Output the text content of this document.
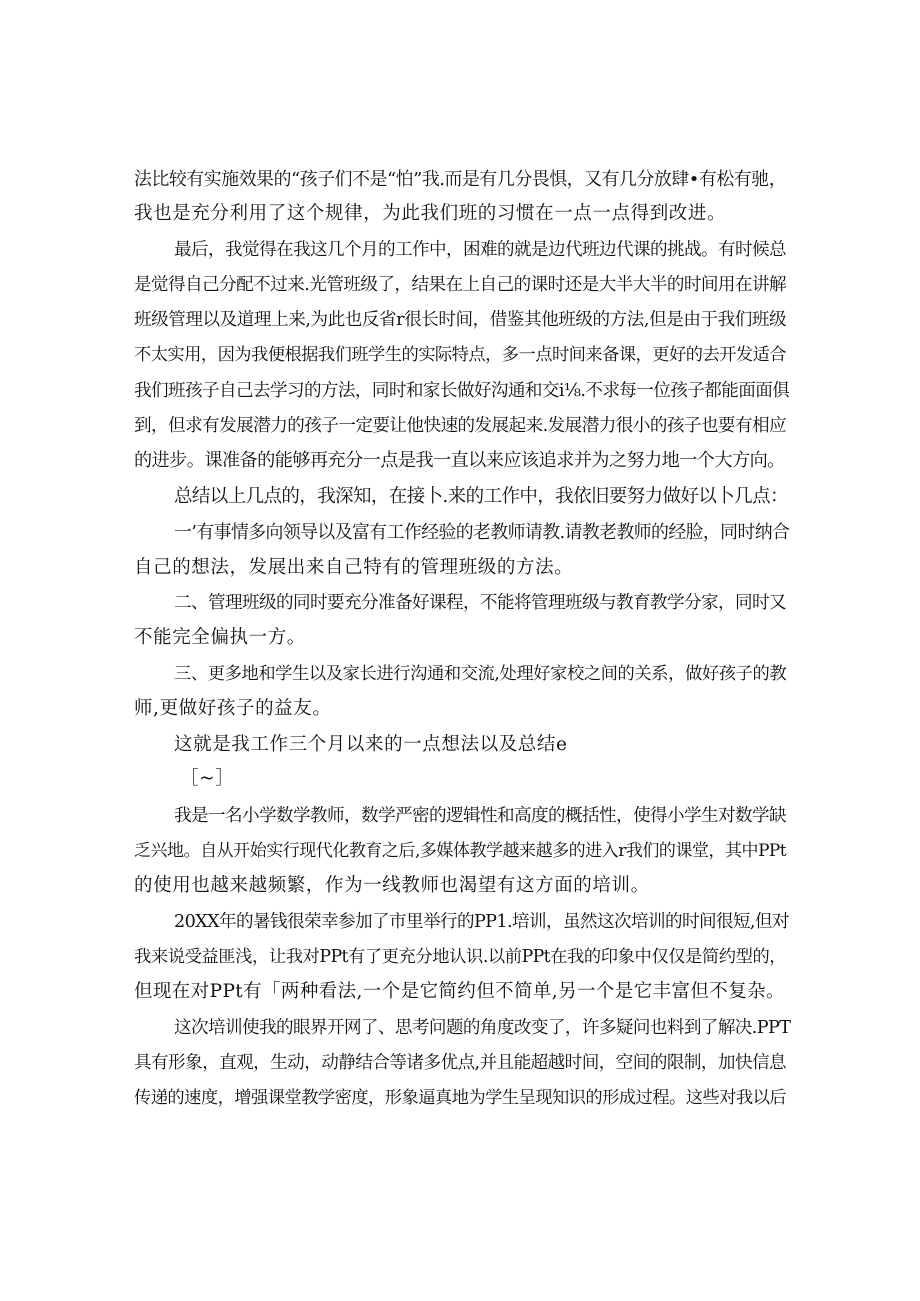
法比较有实施效果的“孩子们不是“怕”我.而是有几分畏惧，又有几分放肆•有松有驰，
我也是充分利用了这个规律，为此我们班的习惯在一点一点得到改进。
最后，我觉得在我这几个月的工作中，困难的就是边代班边代课的挑战。有时候总
是觉得自己分配不过来.光管班级了，结果在上自己的课时还是大半大半的时间用在讲解
班级管理以及道理上来,为此也反省r很长时间，借鉴其他班级的方法,但是由于我们班级
不太实用，因为我便根据我们班学生的实际特点，多一点时间来备课，更好的去开发适合
我们班孩子自己去学习的方法，同时和家长做好沟通和交i⅛.不求每一位孩子都能面面俱
到，但求有发展潜力的孩子一定要让他快速的发展起来.发展潜力很小的孩子也要有相应
的进步。课准备的能够再充分一点是我一直以来应该追求并为之努力地一个大方向。
总结以上几点的，我深知，在接卜.来的工作中，我依旧要努力做好以卜几点：
一’有事情多向领导以及富有工作经验的老教师请教.请教老教师的经脸，同时纳合
自己的想法，发展出来自己特有的管理班级的方法。
二、管理班级的同时要充分准备好课程，不能将管理班级与教育教学分家，同时又
不能完全偏执一方。
三、更多地和学生以及家长进行沟通和交流,处理好家校之间的关系，做好孩子的教
师,更做好孩子的益友。
这就是我工作三个月以来的一点想法以及总结e
［~］
我是一名小学数学教师，数学严密的逻辑性和高度的概括性，使得小学生对数学缺
乏兴地。自从开始实行现代化教育之后,多媒体教学越来越多的进入r我们的课堂，其中PPt
的使用也越来越频繁，作为一线教师也渴望有这方面的培训。
20XX年的暑钱很荣幸参加了市里举行的PP1.培训，虽然这次培训的时间很短,但对
我来说受益匪浅，让我对PPt有了更充分地认识.以前PPt在我的印象中仅仅是简约型的，
但现在对PPt有「两种看法,一个是它简约但不简单,另一个是它丰富但不复杂。
这次培训使我的眼界开网了、思考问题的角度改变了，许多疑问也料到了解决.PPT
具有形象，直观，生动，动静结合等诸多优点,并且能超越时间，空间的限制，加快信息
传递的速度，增强课堂教学密度，形象逼真地为学生呈现知识的形成过程。这些对我以后
